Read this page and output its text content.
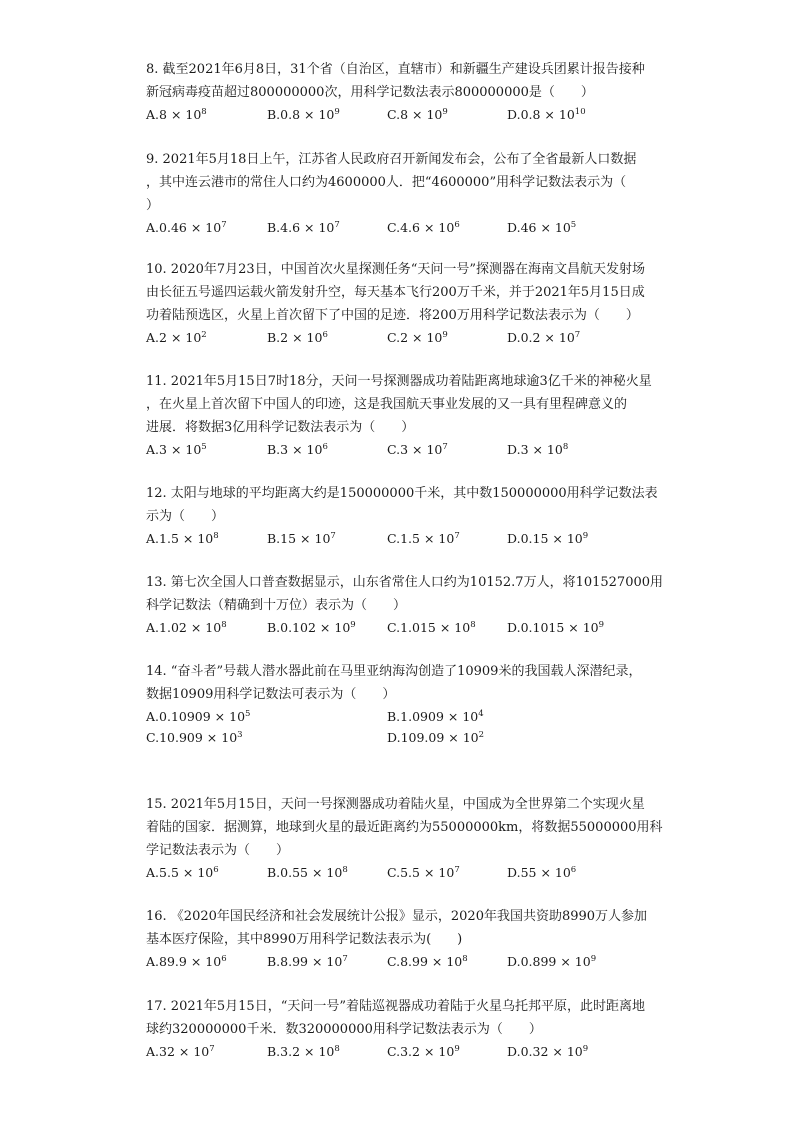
8. 截至2021年6月8日，31个省（自治区，直辖市）和新疆生产建设兵团累计报告接种
新冠病毒疫苗超过800000000次，用科学记数法表示800000000是（　　）
$A.8 \times 10^8$	$B.0.8 \times 10^9$	$C.8 \times 10^9$	$D.0.8 \times 10^{10}$
9. 2021年5月18日上午，江苏省人民政府召开新闻发布会，公布了全省最新人口数据
，其中连云港市的常住人口约为4600000人．把“4600000”用科学记数法表示为（
）
$A.0.46 \times 10^7$	$B.4.6 \times 10^7$	$C.4.6 \times 10^6$	$D.46 \times 10^5$
10. 2020年7月23日，中国首次火星探测任务“天问一号”探测器在海南文昌航天发射场
由长征五号遥四运载火箭发射升空，每天基本飞行200万千米，并于2021年5月15日成
功着陆预选区，火星上首次留下了中国的足迹．将200万用科学记数法表示为（　　）
$A.2 \times 10^2$	$B.2 \times 10^6$	$C.2 \times 10^9$	$D.0.2 \times 10^7$
11. 2021年5月15日7时18分，天问一号探测器成功着陆距离地球逾3亿千米的神秘火星
，在火星上首次留下中国人的印迹，这是我国航天事业发展的又一具有里程碑意义的
进展．将数据3亿用科学记数法表示为（　　）
$A.3 \times 10^5$	$B.3 \times 10^6$	$C.3 \times 10^7$	$D.3 \times 10^8$
12. 太阳与地球的平均距离大约是150000000千米，其中数150000000用科学记数法表
示为（　　）
$A.1.5 \times 10^8$	$B.15 \times 10^7$	$C.1.5 \times 10^7$	$D.0.15 \times 10^9$
13. 第七次全国人口普查数据显示，山东省常住人口约为10152.7万人，将101527000用
科学记数法（精确到十万位）表示为（　　）
$A.1.02 \times 10^8$	$B.0.102 \times 10^9$	$C.1.015 \times 10^8$	$D.0.1015 \times 10^9$
14. “奋斗者”号载人潜水器此前在马里亚纳海沟创造了10909米的我国载人深潜纪录，
数据10909用科学记数法可表示为（　　）
$A.0.10909 \times 10^5$	$B.1.0909 \times 10^4$
$C.10.909 \times 10^3$	$D.109.09 \times 10^2$
15. 2021年5月15日，天问一号探测器成功着陆火星，中国成为全世界第二个实现火星
着陆的国家．据测算，地球到火星的最近距离约为55000000km，将数据55000000用科
学记数法表示为（　　）
$A.5.5 \times 10^6$	$B.0.55 \times 10^8$	$C.5.5 \times 10^7$	$D.55 \times 10^6$
16. 《2020年国民经济和社会发展统计公报》显示，2020年我国共资助8990万人参加
基本医疗保险，其中8990万用科学记数法表示为(　　)
$A.89.9 \times 10^6$	$B.8.99 \times 10^7$	$C.8.99 \times 10^8$	$D.0.899 \times 10^9$
17. 2021年5月15日，“天问一号”着陆巡视器成功着陆于火星乌托邦平原，此时距离地
球约320000000千米．数320000000用科学记数法表示为（　　）
$A.32 \times 10^7$	$B.3.2 \times 10^8$	$C.3.2 \times 10^9$	$D.0.32 \times 10^9$
